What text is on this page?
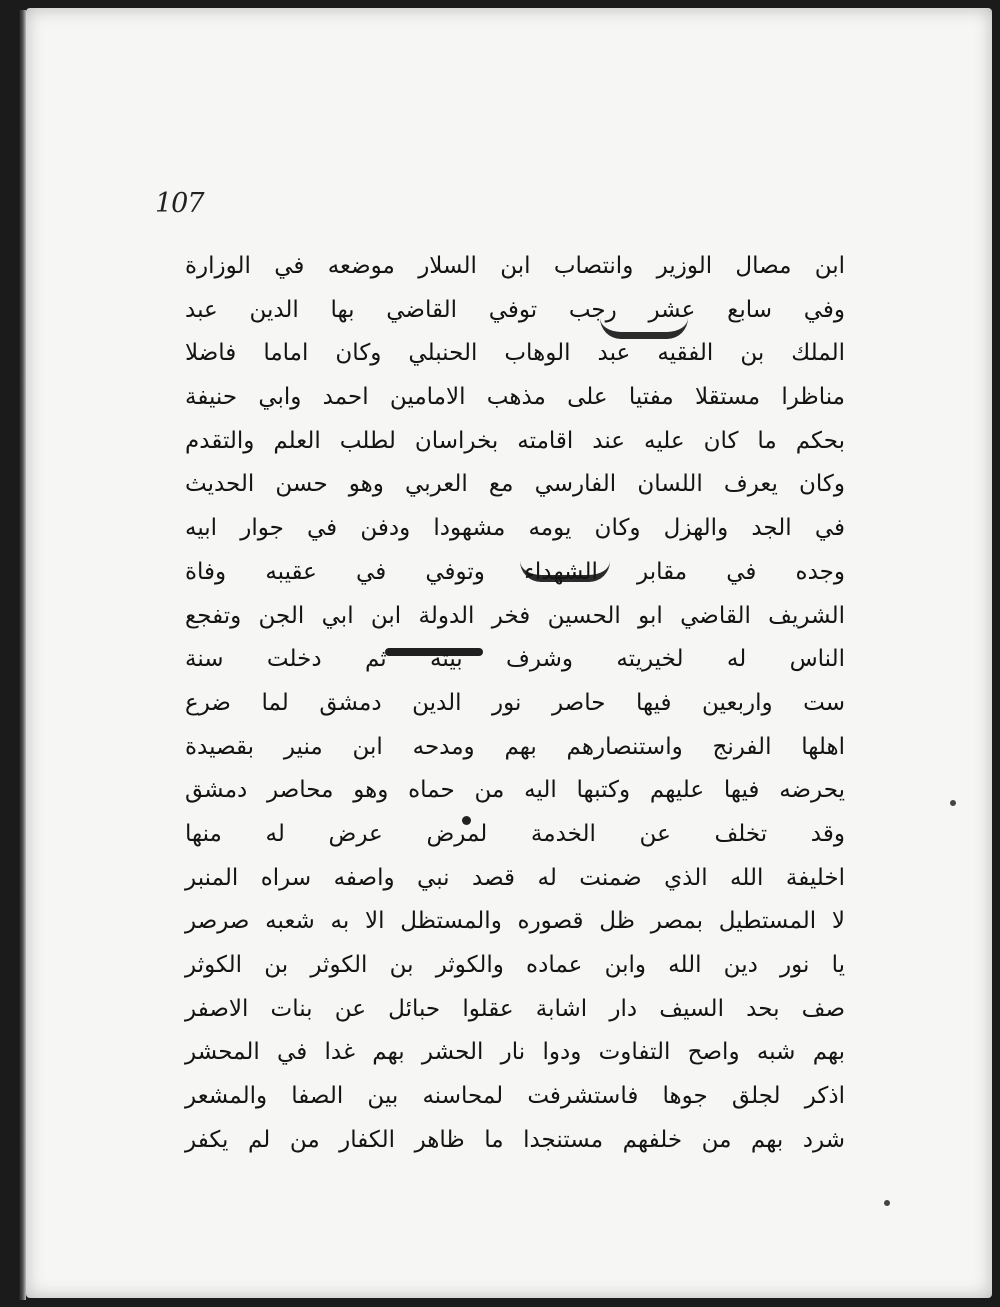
107
ابن مصال الوزير وانتصاب ابن السلار موضعه في الوزارة
وفي سابع عشر رجب توفي القاضي بها الدين عبد
الملك بن الفقيه عبد الوهاب الحنبلي وكان اماما فاضلا
مناظرا مستقلا مفتيا على مذهب الامامين احمد وابي حنيفة
بحكم ما كان عليه عند اقامته بخراسان لطلب العلم والتقدم
وكان يعرف اللسان الفارسي مع العربي وهو حسن الحديث
في الجد والهزل وكان يومه مشهودا ودفن في جوار ابيه
وجده في مقابر الشهداء وتوفي في عقيبه وفاة
الشريف القاضي ابو الحسين فخر الدولة ابن ابي الجن وتفجع
الناس له لخيريته وشرف بيته ثم دخلت سنة
ست واربعين فيها حاصر نور الدين دمشق لما ضرع
اهلها الفرنج واستنصارهم بهم ومدحه ابن منير بقصيدة
يحرضه فيها عليهم وكتبها اليه من حماه وهو محاصر دمشق
وقد تخلف عن الخدمة لمرض عرض له منها
اخليفة الله الذي ضمنت له قصد نبي واصفه سراه المنبر
لا المستطيل بمصر ظل قصوره والمستظل الا به شعبه صرصر
يا نور دين الله وابن عماده والكوثر بن الكوثر بن الكوثر
صف بحد السيف دار اشابة عقلوا حبائل عن بنات الاصفر
بهم شبه واصح التفاوت ودوا نار الحشر بهم غدا في المحشر
اذكر لجلق جوها فاستشرفت لمحاسنه بين الصفا والمشعر
شرد بهم من خلفهم مستنجدا ما ظاهر الكفار من لم يكفر
